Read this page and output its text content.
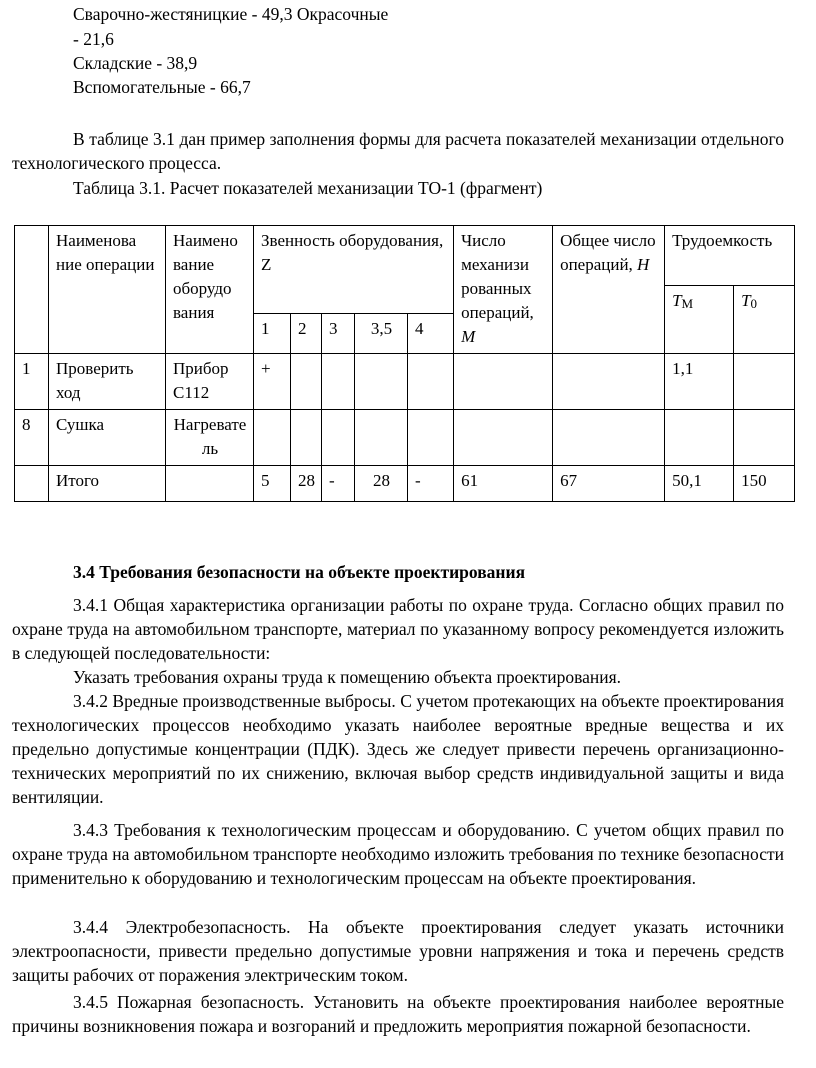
Сварочно-жестяницкие - 49,3 Окрасочные
- 21,6
Складские - 38,9
Вспомогательные - 66,7
В таблице 3.1 дан пример заполнения формы для расчета показателей механизации отдельного технологического процесса.
Таблица 3.1. Расчет показателей механизации ТО-1 (фрагмент)
	Наименова ние операции	Наимено вание оборудо вания	Звенность оборудования, Z					Число механизи рованных операций, М	Общее число операций, Н	Трудоемкость	
										$Т_М$	$Т_0$
			1	2	3	3,5	4				
1	Проверить ход	Прибор С112	+							1,1	
8	Сушка	Нагревате ль									
	Итого		5	28	-	28	-	61	67	50,1	150
3.4 Требования безопасности на объекте проектирования
3.4.1 Общая характеристика организации работы по охране труда. Согласно общих правил по охране труда на автомобильном транспорте, материал по указанному вопросу рекомендуется изложить в следующей последовательности:
Указать требования охраны труда к помещению объекта проектирования.
3.4.2 Вредные производственные выбросы. С учетом протекающих на объекте проектирования технологических процессов необходимо указать наиболее вероятные вредные вещества и их предельно допустимые концентрации (ПДК). Здесь же следует привести перечень организационно-технических мероприятий по их снижению, включая выбор средств индивидуальной защиты и вида вентиляции.
3.4.3 Требования к технологическим процессам и оборудованию. С учетом общих правил по охране труда на автомобильном транспорте необходимо изложить требования по технике безопасности применительно к оборудованию и технологическим процессам на объекте проектирования.
3.4.4 Электробезопасность. На объекте проектирования следует указать источники электроопасности, привести предельно допустимые уровни напряжения и тока и перечень средств защиты рабочих от поражения электрическим током.
3.4.5 Пожарная безопасность. Установить на объекте проектирования наиболее вероятные причины возникновения пожара и возгораний и предложить мероприятия пожарной безопасности.
